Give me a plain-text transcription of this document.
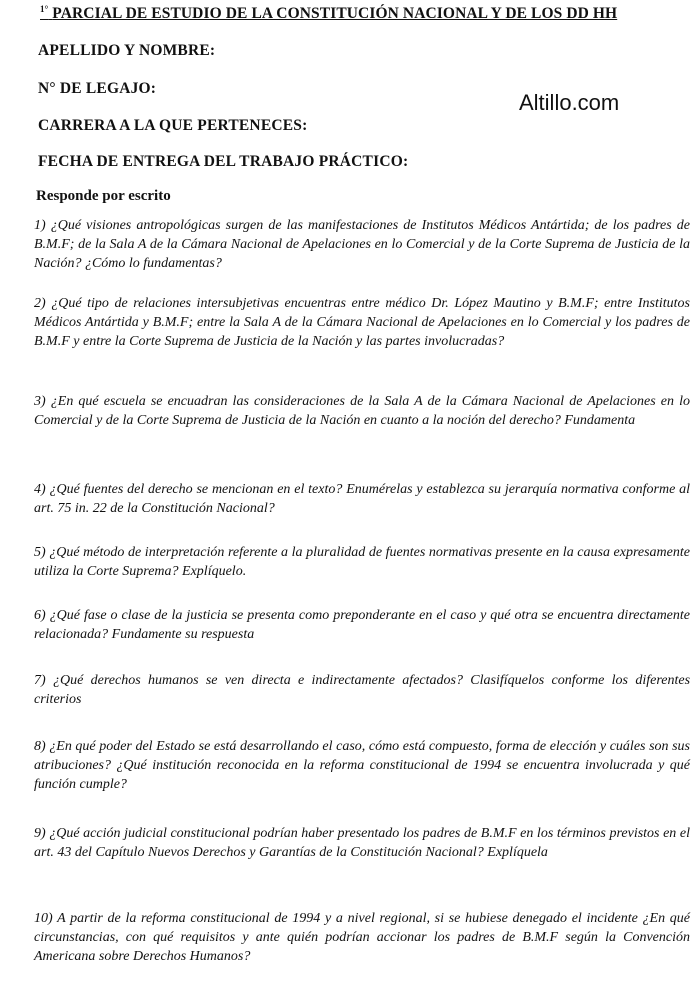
$^{1^\circ}$ PARCIAL DE ESTUDIO DE LA CONSTITUCIÓN NACIONAL Y DE LOS DD HH
Altillo.com
APELLIDO Y NOMBRE:
N° DE LEGAJO:
CARRERA A LA QUE PERTENECES:
FECHA DE ENTREGA DEL TRABAJO PRÁCTICO:
Responde por escrito
1) ¿Qué visiones antropológicas surgen de las manifestaciones de Institutos Médicos Antártida; de los padres de B.M.F; de la Sala A de la Cámara Nacional de Apelaciones en lo Comercial y de la Corte Suprema de Justicia de la Nación? ¿Cómo lo fundamentas?
2) ¿Qué tipo de relaciones intersubjetivas encuentras entre médico Dr. López Mautino y B.M.F; entre Institutos Médicos Antártida y B.M.F; entre la Sala A de la Cámara Nacional de Apelaciones en lo Comercial y los padres de B.M.F y entre la Corte Suprema de Justicia de la Nación y las partes involucradas?
3) ¿En qué escuela se encuadran las consideraciones de la Sala A de la Cámara Nacional de Apelaciones en lo Comercial y de la Corte Suprema de Justicia de la Nación en cuanto a la noción del derecho? Fundamenta
4) ¿Qué fuentes del derecho se mencionan en el texto? Enumérelas y establezca su jerarquía normativa conforme al art. 75 in. 22 de la Constitución Nacional?
5) ¿Qué método de interpretación referente a la pluralidad de fuentes normativas presente en la causa expresamente utiliza la Corte Suprema? Explíquelo.
6) ¿Qué fase o clase de la justicia se presenta como preponderante en el caso y qué otra se encuentra directamente relacionada? Fundamente su respuesta
7) ¿Qué derechos humanos se ven directa e indirectamente afectados? Clasifíquelos conforme los diferentes criterios
8) ¿En qué poder del Estado se está desarrollando el caso, cómo está compuesto, forma de elección y cuáles son sus atribuciones? ¿Qué institución reconocida en la reforma constitucional de 1994 se encuentra involucrada y qué función cumple?
9) ¿Qué acción judicial constitucional podrían haber presentado los padres de B.M.F en los términos previstos en el art. 43 del Capítulo Nuevos Derechos y Garantías de la Constitución Nacional? Explíquela
10) A partir de la reforma constitucional de 1994 y a nivel regional, si se hubiese denegado el incidente ¿En qué circunstancias, con qué requisitos y ante quién podrían accionar los padres de B.M.F según la Convención Americana sobre Derechos Humanos?
